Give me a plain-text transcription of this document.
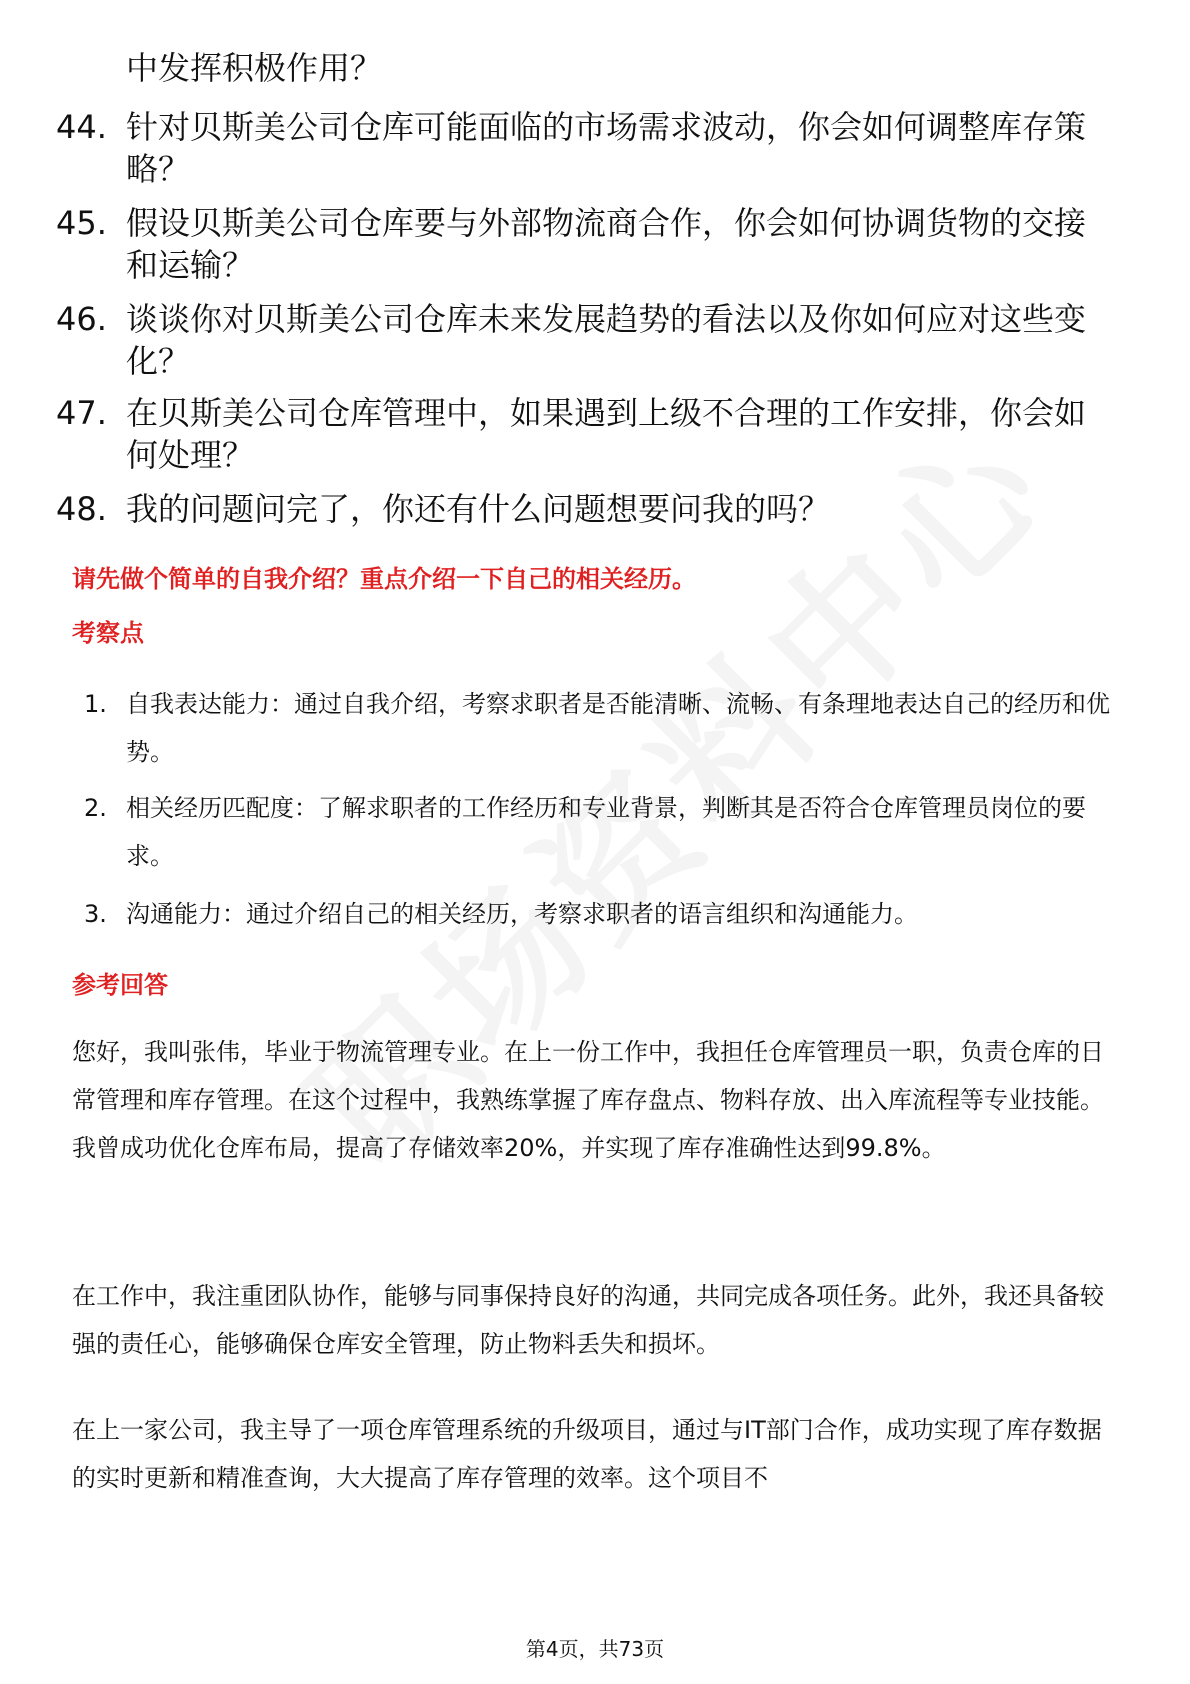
中发挥积极作用？
44. 针对贝斯美公司仓库可能面临的市场需求波动，你会如何调整库存策略？
45. 假设贝斯美公司仓库要与外部物流商合作，你会如何协调货物的交接和运输？
46. 谈谈你对贝斯美公司仓库未来发展趋势的看法以及你如何应对这些变化？
47. 在贝斯美公司仓库管理中，如果遇到上级不合理的工作安排，你会如何处理？
48. 我的问题问完了，你还有什么问题想要问我的吗？
请先做个简单的自我介绍？重点介绍一下自己的相关经历。
考察点
1. 自我表达能力：通过自我介绍，考察求职者是否能清晰、流畅、有条理地表达自己的经历和优势。
2. 相关经历匹配度：了解求职者的工作经历和专业背景，判断其是否符合仓库管理员岗位的要求。
3. 沟通能力：通过介绍自己的相关经历，考察求职者的语言组织和沟通能力。
参考回答
您好，我叫张伟，毕业于物流管理专业。在上一份工作中，我担任仓库管理员一职，负责仓库的日常管理和库存管理。在这个过程中，我熟练掌握了库存盘点、物料存放、出入库流程等专业技能。我曾成功优化仓库布局，提高了存储效率20%，并实现了库存准确性达到99.8%。
在工作中，我注重团队协作，能够与同事保持良好的沟通，共同完成各项任务。此外，我还具备较强的责任心，能够确保仓库安全管理，防止物料丢失和损坏。
在上一家公司，我主导了一项仓库管理系统的升级项目，通过与IT部门合作，成功实现了库存数据的实时更新和精准查询，大大提高了库存管理的效率。这个项目不
第4页，共73页
